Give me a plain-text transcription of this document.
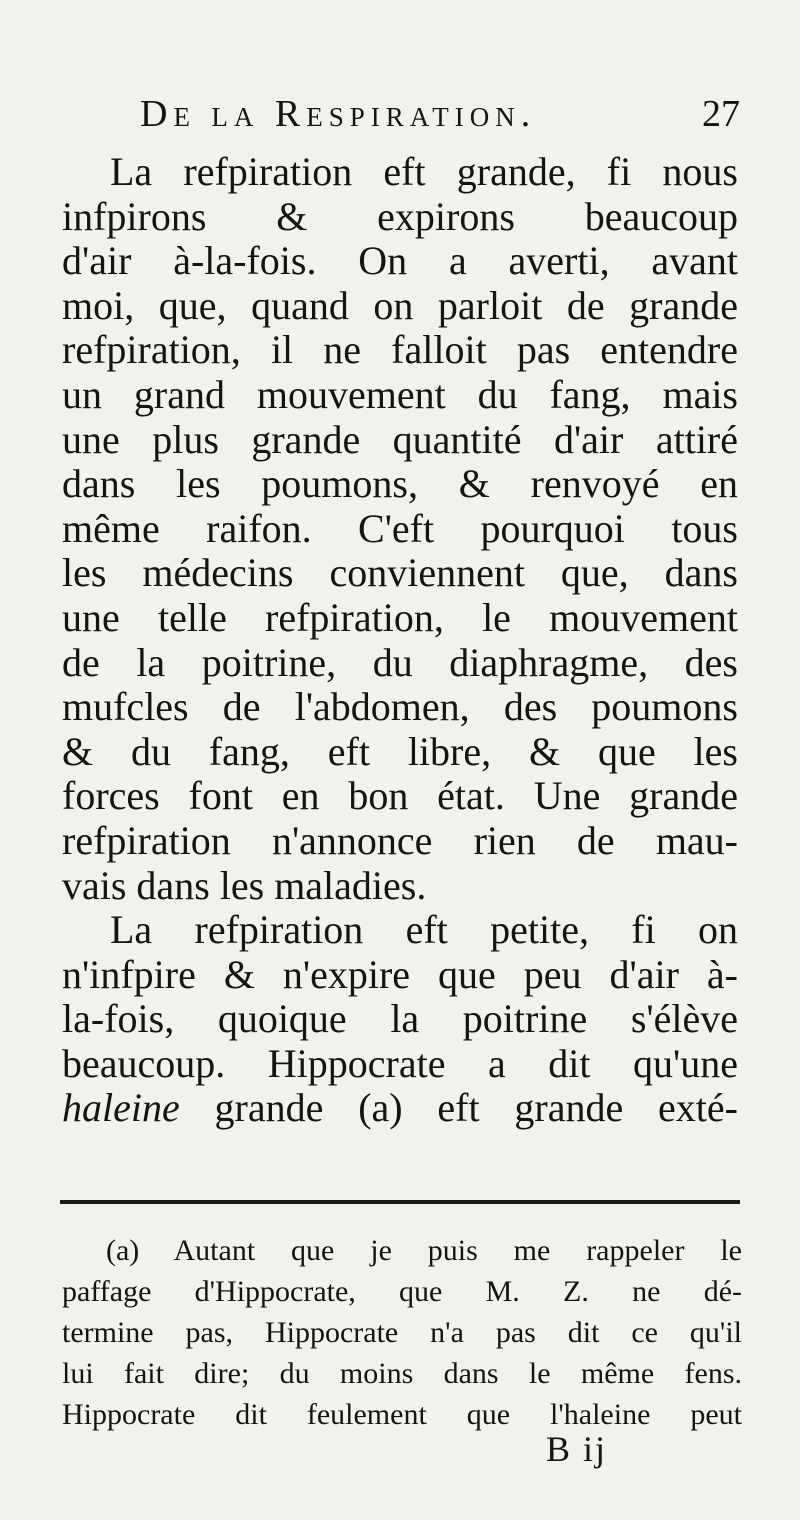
De la Respiration.	27
La refpiration eft grande, fi nous
infpirons & expirons beaucoup
d'air à-la-fois. On a averti, avant
moi, que, quand on parloit de grande
refpiration, il ne falloit pas entendre
un grand mouvement du fang, mais
une plus grande quantité d'air attiré
dans les poumons, & renvoyé en
même raifon. C'eft pourquoi tous
les médecins conviennent que, dans
une telle refpiration, le mouvement
de la poitrine, du diaphragme, des
mufcles de l'abdomen, des poumons
& du fang, eft libre, & que les
forces font en bon état. Une grande
refpiration n'annonce rien de mau-
vais dans les maladies.
La refpiration eft petite, fi on
n'infpire & n'expire que peu d'air à-
la-fois, quoique la poitrine s'élève
beaucoup. Hippocrate a dit qu'une
haleine grande (a) eft grande exté-
(a) Autant que je puis me rappeler le
paffage d'Hippocrate, que M. Z. ne dé-
termine pas, Hippocrate n'a pas dit ce qu'il
lui fait dire; du moins dans le même fens.
Hippocrate dit feulement que l'haleine peut
B ij
